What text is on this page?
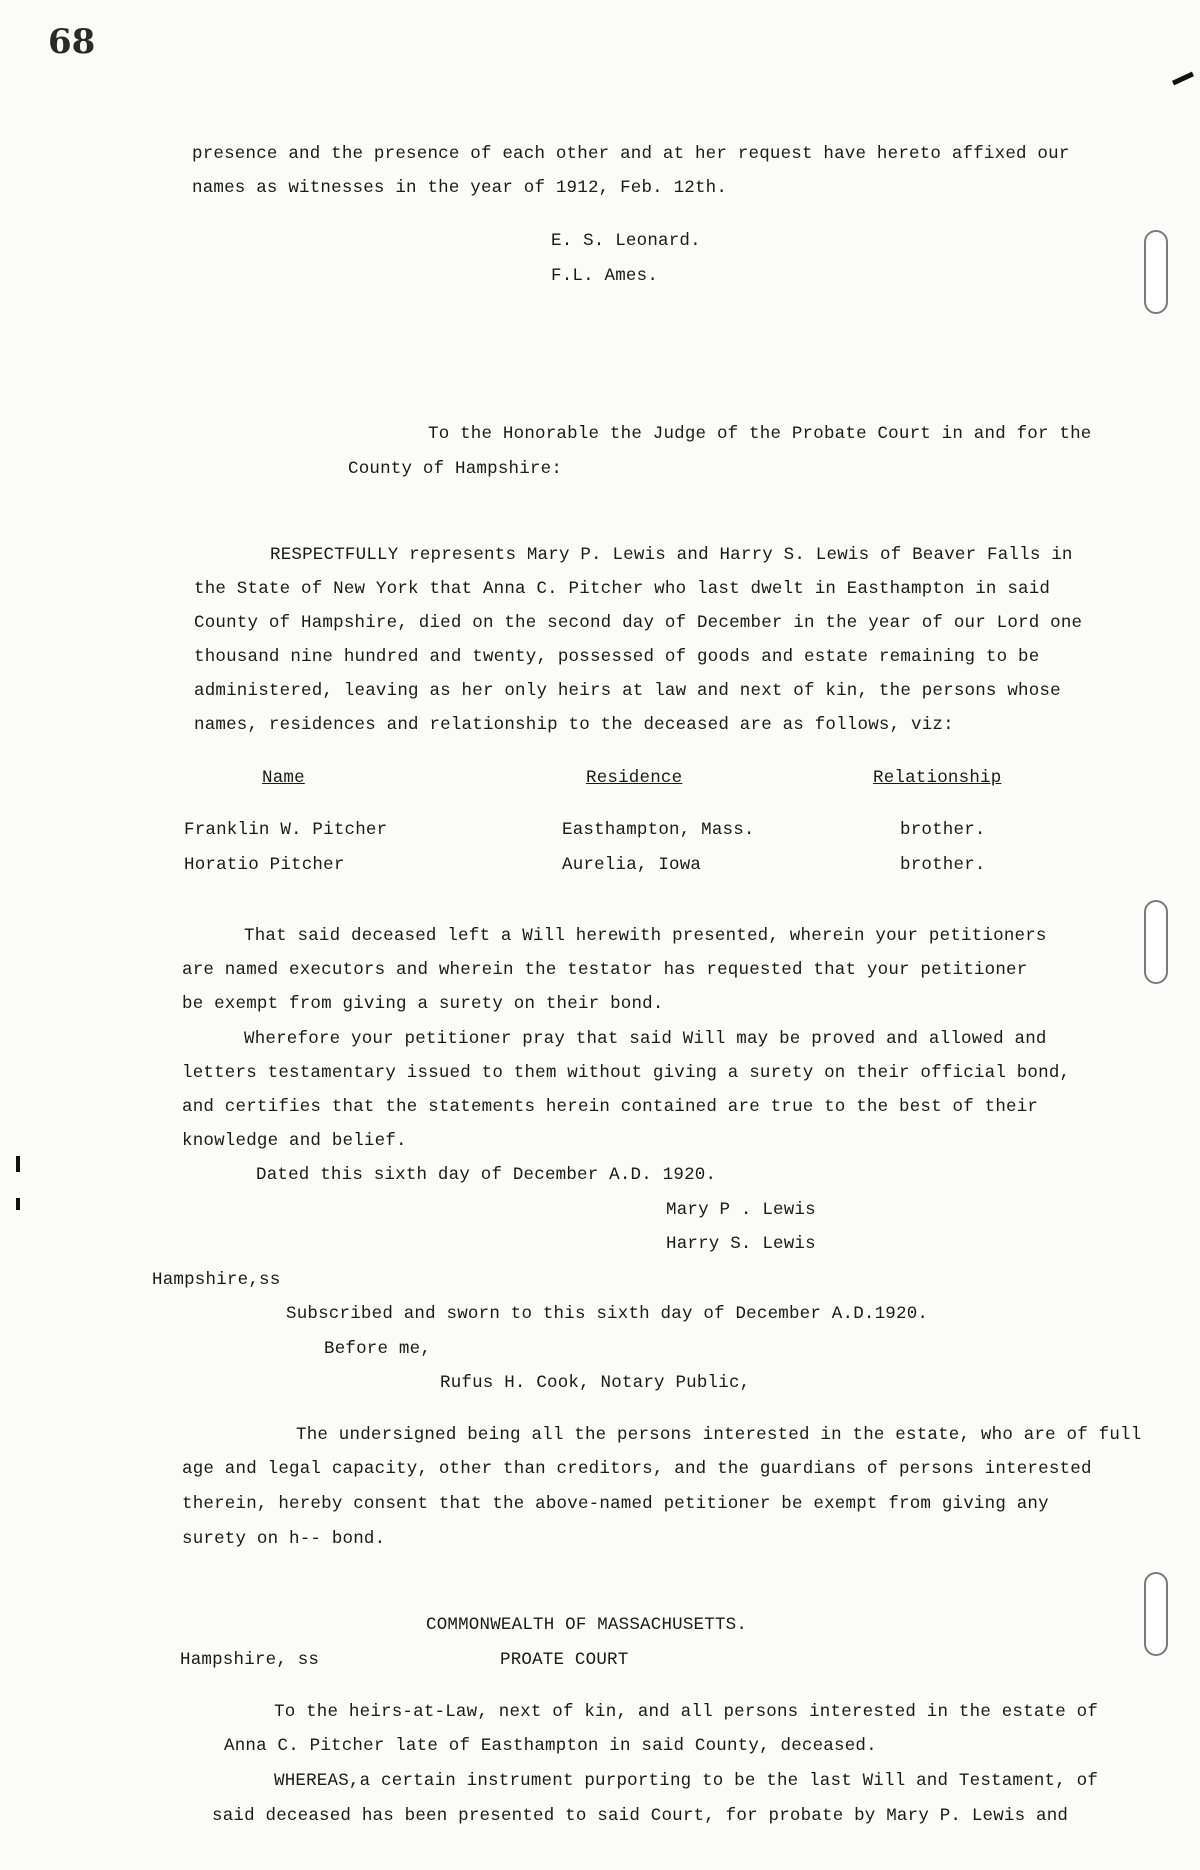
68
presence and the presence of each other and at her request have hereto affixed our
names as witnesses in the year of 1912, Feb. 12th.
E. S. Leonard.
F.L. Ames.
To the Honorable the Judge of the Probate Court in and for the
County of Hampshire:
RESPECTFULLY represents Mary P. Lewis and Harry S. Lewis of Beaver Falls in
the State of New York that Anna C. Pitcher who last dwelt in Easthampton in said
County of Hampshire, died on the second day of December in the year of our Lord one
thousand nine hundred and twenty, possessed of goods and estate remaining to be
administered, leaving as her only heirs at law and next of kin, the persons whose
names, residences and relationship to the deceased are as follows, viz:
Name	Residence	Relationship
Franklin W. Pitcher	Easthampton, Mass.	brother.
Horatio Pitcher	Aurelia, Iowa	brother.
That said deceased left a Will herewith presented, wherein your petitioners
are named executors and wherein the testator has requested that your petitioner
be exempt from giving a surety on their bond.
Wherefore your petitioner pray that said Will may be proved and allowed and
letters testamentary issued to them without giving a surety on their official bond,
and certifies that the statements herein contained are true to the best of their
knowledge and belief.
Dated this sixth day of December A.D. 1920.
Mary P . Lewis
Harry S. Lewis
Hampshire,ss
Subscribed and sworn to this sixth day of December A.D.1920.
Before me,
Rufus H. Cook, Notary Public,
The undersigned being all the persons interested in the estate, who are of full
age and legal capacity, other than creditors, and the guardians of persons interested
therein, hereby consent that the above-named petitioner be exempt from giving any
surety on h-- bond.
COMMONWEALTH OF MASSACHUSETTS.
Hampshire, ss	PROATE COURT
To the heirs-at-Law, next of kin, and all persons interested in the estate of
Anna C. Pitcher late of Easthampton in said County, deceased.
WHEREAS,a certain instrument purporting to be the last Will and Testament, of
said deceased has been presented to said Court, for probate by Mary P. Lewis and
